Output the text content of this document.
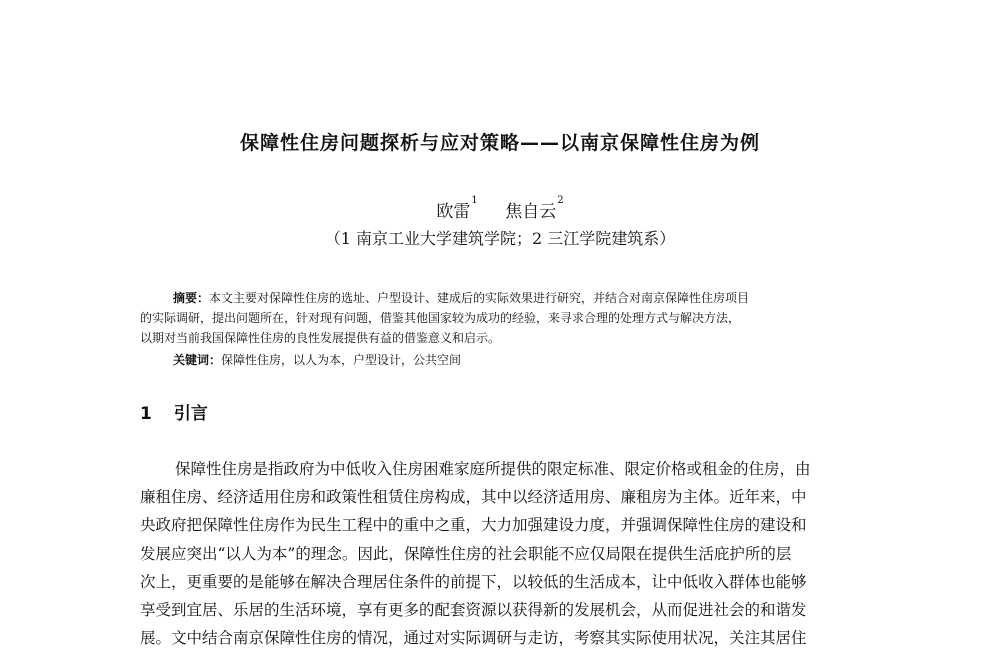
保障性住房问题探析与应对策略——以南京保障性住房为例
欧雷$^1$ 焦自云$^2$
（1 南京工业大学建筑学院；2 三江学院建筑系）
摘要：本文主要对保障性住房的选址、户型设计、建成后的实际效果进行研究，并结合对南京保障性住房项目
的实际调研，提出问题所在，针对现有问题，借鉴其他国家较为成功的经验，来寻求合理的处理方式与解决方法，
以期对当前我国保障性住房的良性发展提供有益的借鉴意义和启示。
关键词：保障性住房，以人为本，户型设计，公共空间
1 引言
保障性住房是指政府为中低收入住房困难家庭所提供的限定标准、限定价格或租金的住房，由
廉租住房、经济适用住房和政策性租赁住房构成，其中以经济适用房、廉租房为主体。近年来，中
央政府把保障性住房作为民生工程中的重中之重，大力加强建设力度，并强调保障性住房的建设和
发展应突出“以人为本”的理念。因此，保障性住房的社会职能不应仅局限在提供生活庇护所的层
次上，更重要的是能够在解决合理居住条件的前提下，以较低的生活成本，让中低收入群体也能够
享受到宜居、乐居的生活环境，享有更多的配套资源以获得新的发展机会，从而促进社会的和谐发
展。文中结合南京保障性住房的情况，通过对实际调研与走访，考察其实际使用状况，关注其居住
